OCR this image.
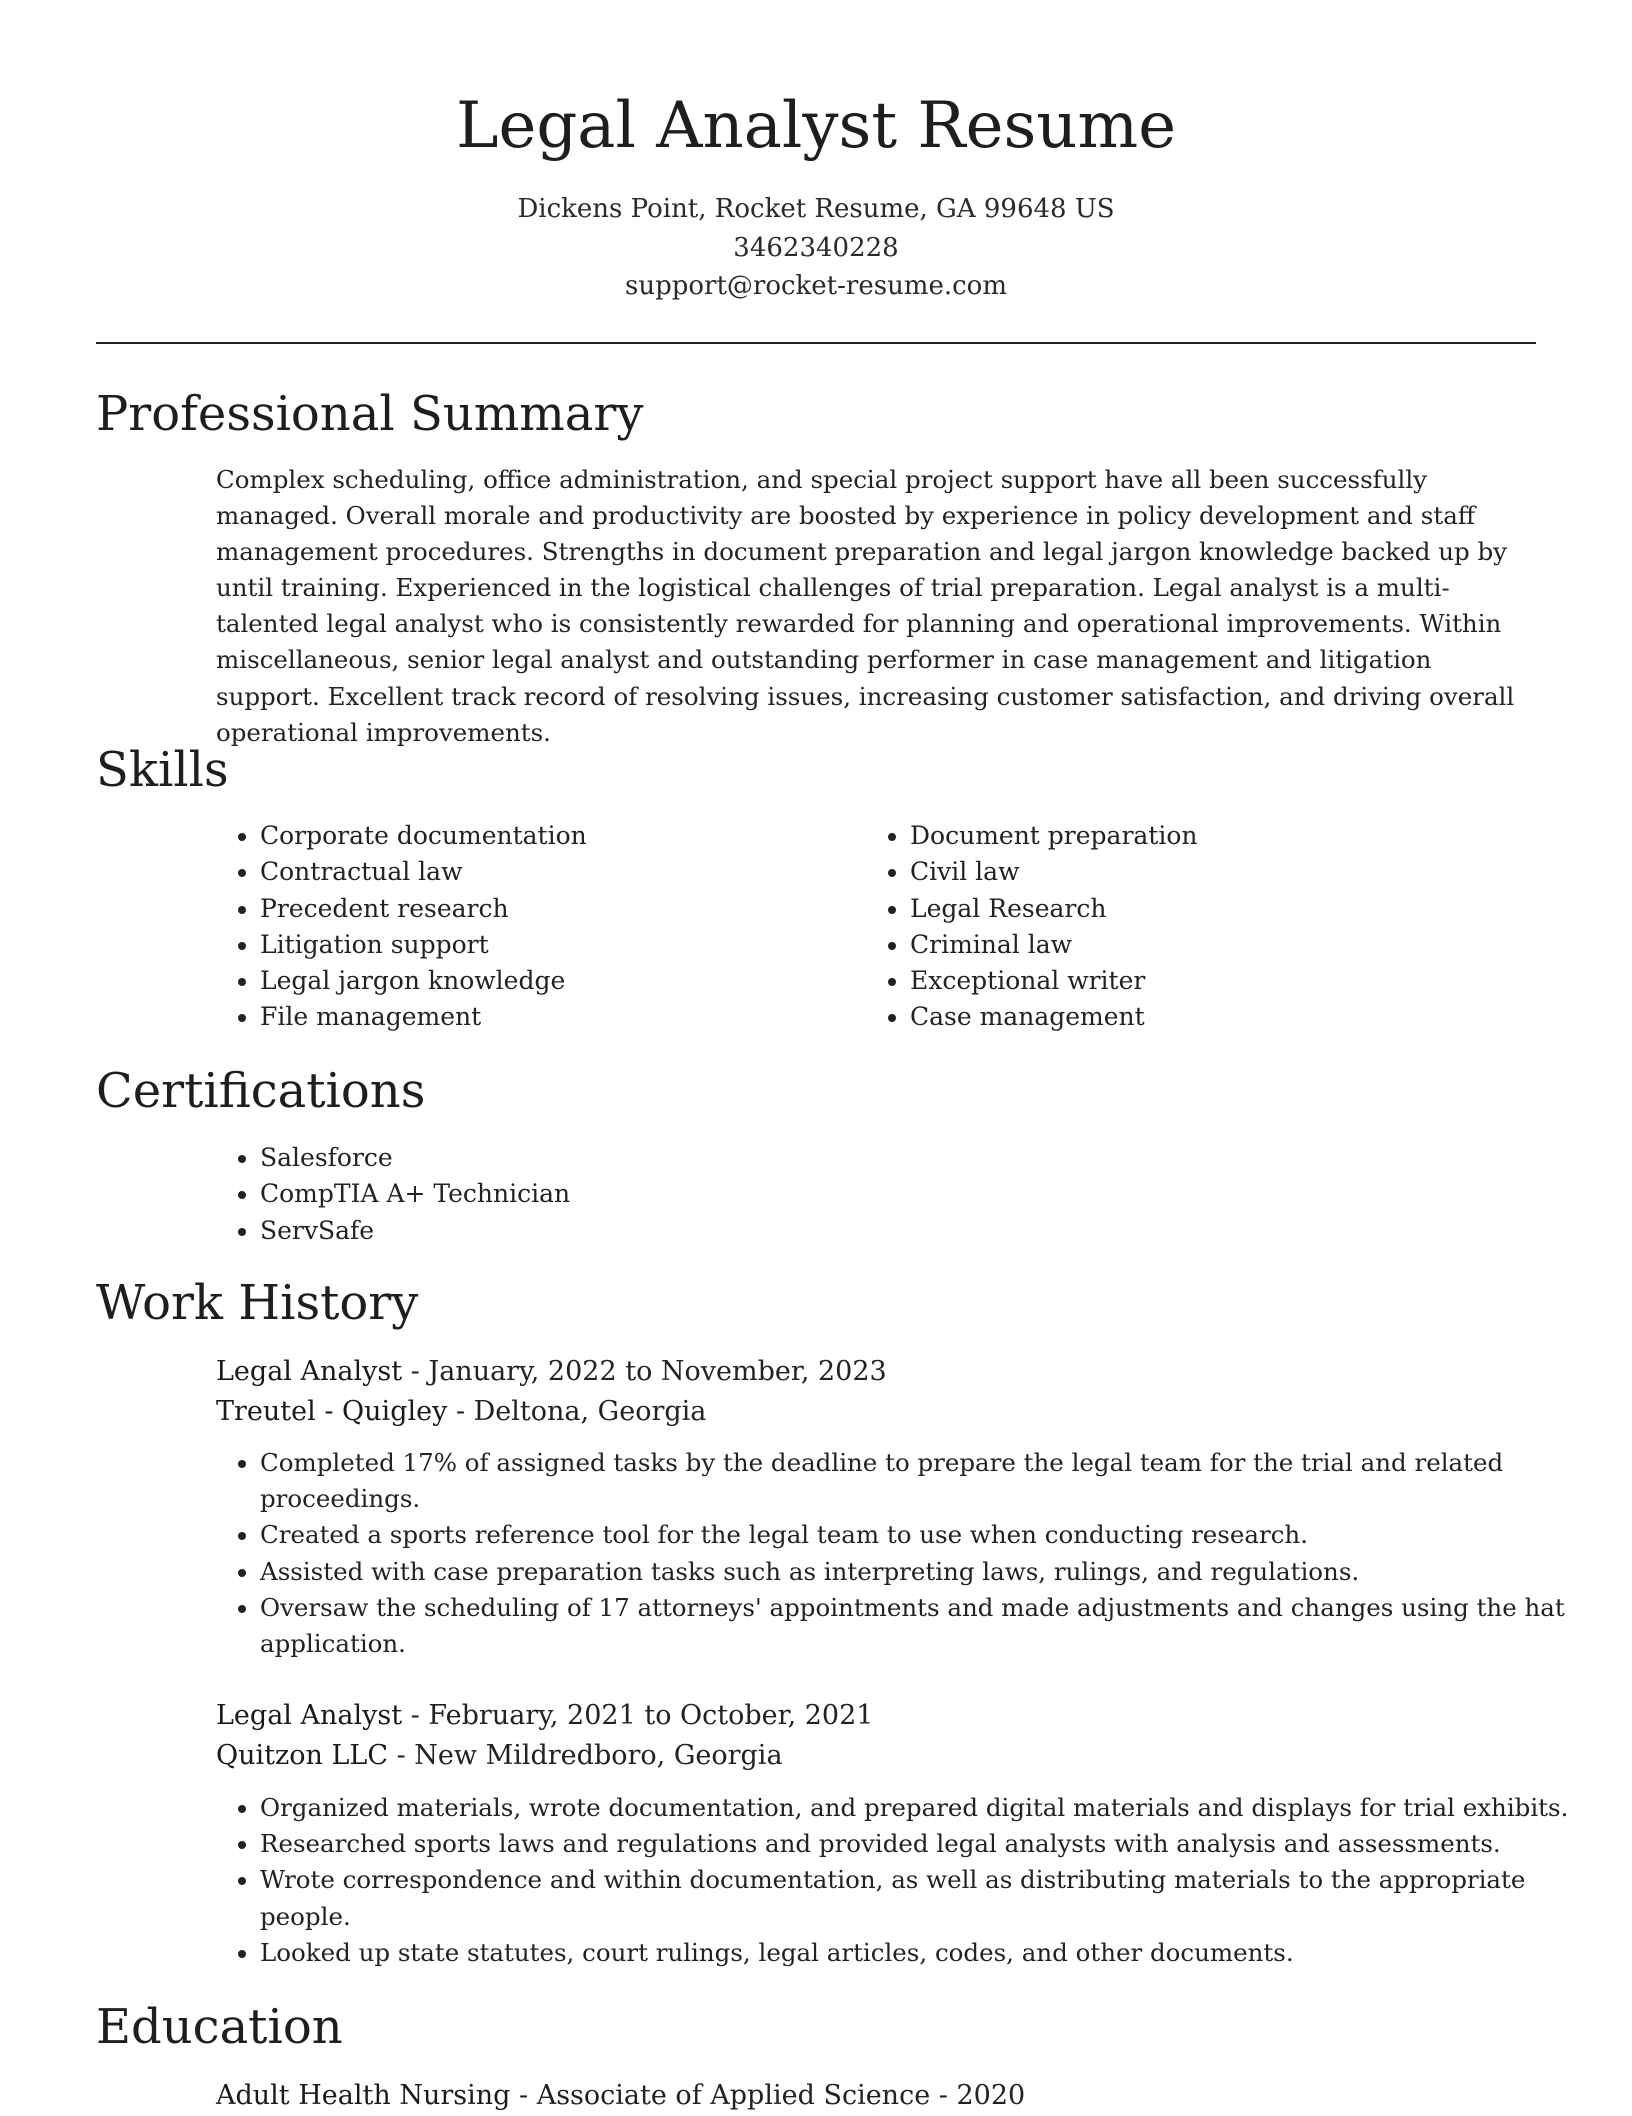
Legal Analyst Resume
Dickens Point, Rocket Resume, GA 99648 US
3462340228
support@rocket-resume.com
Professional Summary

Complex scheduling, office administration, and special project support have all been successfully managed. Overall morale and productivity are boosted by experience in policy development and staff management procedures. Strengths in document preparation and legal jargon knowledge backed up by until training. Experienced in the logistical challenges of trial preparation. Legal analyst is a multi-talented legal analyst who is consistently rewarded for planning and operational improvements. Within miscellaneous, senior legal analyst and outstanding performer in case management and litigation support. Excellent track record of resolving issues, increasing customer satisfaction, and driving overall operational improvements.

Skills
• Corporate documentation
• Contractual law
• Precedent research
• Litigation support
• Legal jargon knowledge
• File management
• Document preparation
• Civil law
• Legal Research
• Criminal law
• Exceptional writer
• Case management
Certifications
• Salesforce
• CompTIA A+ Technician
• ServSafe
Work History
Legal Analyst - January, 2022 to November, 2023
Treutel - Quigley - Deltona, Georgia
• Completed 17% of assigned tasks by the deadline to prepare the legal team for the trial and related proceedings.
• Created a sports reference tool for the legal team to use when conducting research.
• Assisted with case preparation tasks such as interpreting laws, rulings, and regulations.
• Oversaw the scheduling of 17 attorneys' appointments and made adjustments and changes using the hat application.
Legal Analyst - February, 2021 to October, 2021
Quitzon LLC - New Mildredboro, Georgia
• Organized materials, wrote documentation, and prepared digital materials and displays for trial exhibits.
• Researched sports laws and regulations and provided legal analysts with analysis and assessments.
• Wrote correspondence and within documentation, as well as distributing materials to the appropriate people.
• Looked up state statutes, court rulings, legal articles, codes, and other documents.
Education
Adult Health Nursing - Associate of Applied Science - 2020
